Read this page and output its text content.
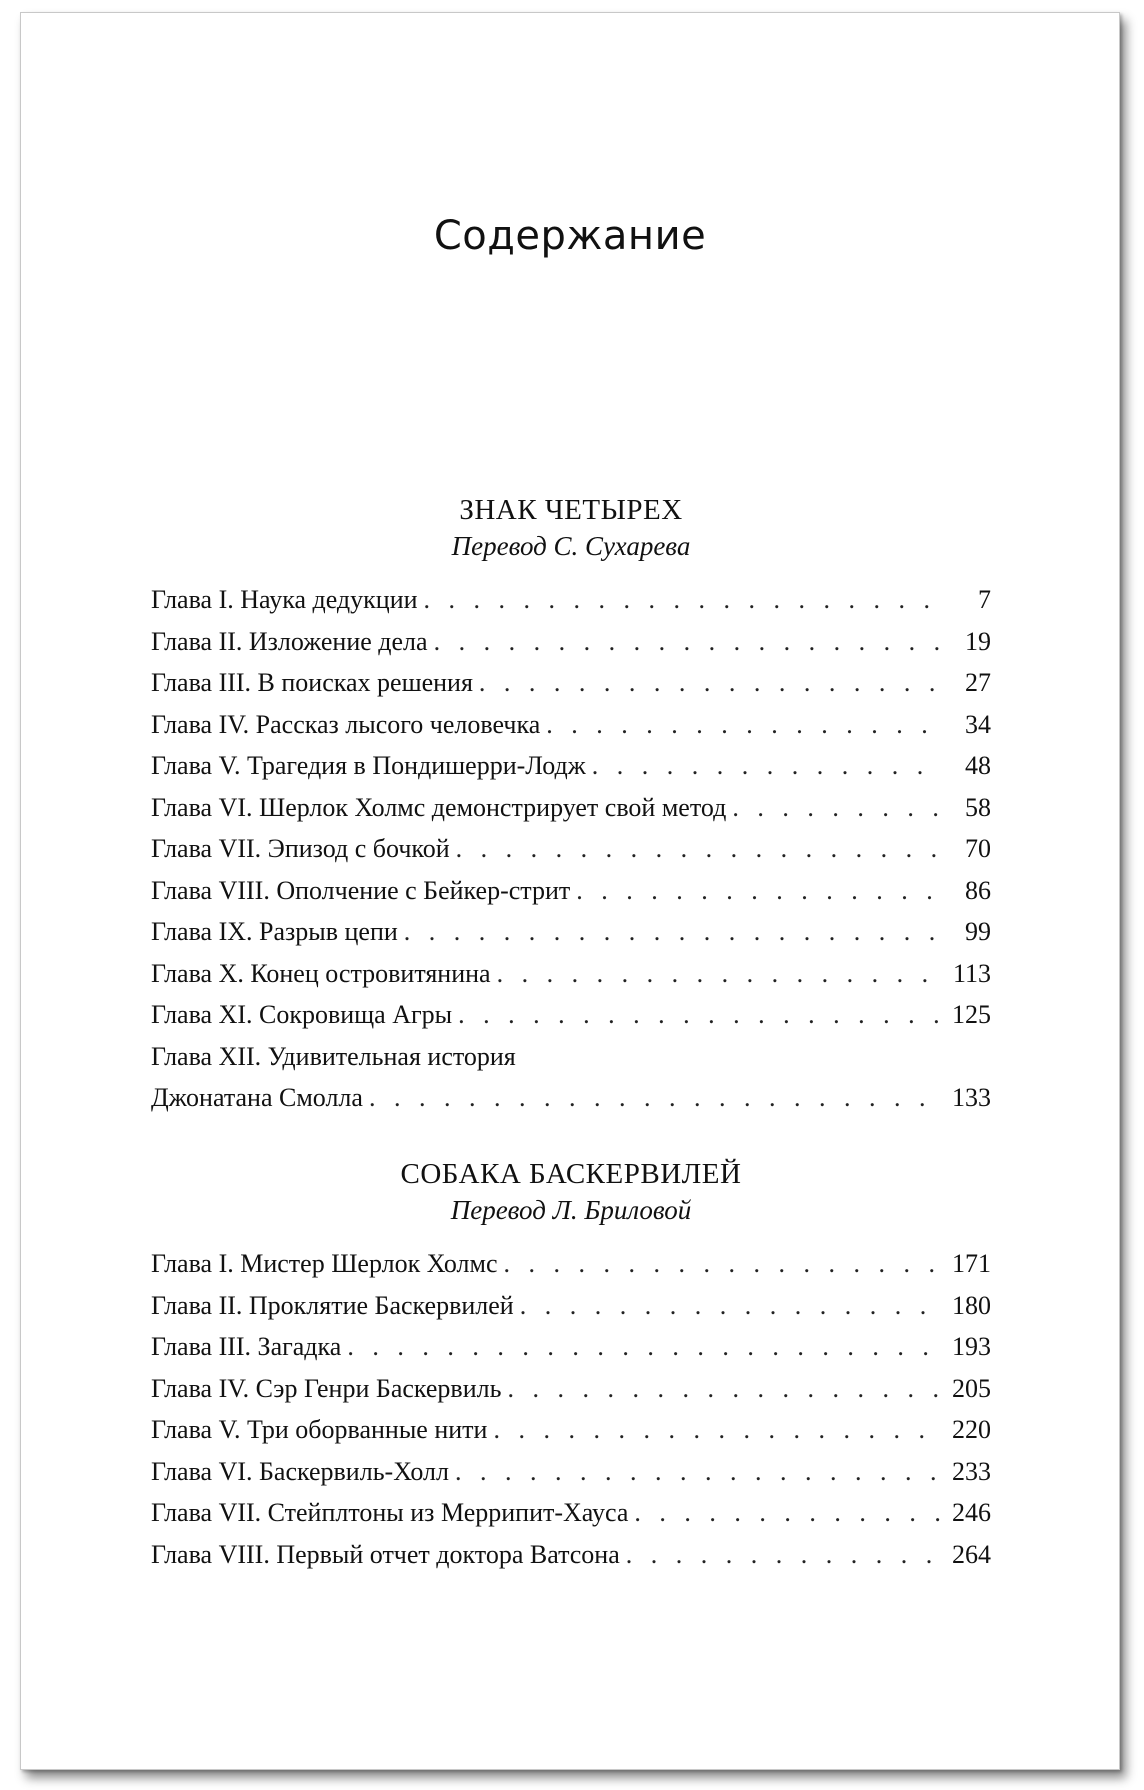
Содержание
ЗНАК ЧЕТЫРЕХ
Перевод С. Сухарева
Глава I. Наука дедукции . . .	7
Глава II. Изложение дела . . .	19
Глава III. В поисках решения . . .	27
Глава IV. Рассказ лысого человечка . . .	34
Глава V. Трагедия в Пондишерри-Лодж . . .	48
Глава VI. Шерлок Холмс демонстрирует свой метод . . .	58
Глава VII. Эпизод с бочкой . . .	70
Глава VIII. Ополчение с Бейкер-стрит . . .	86
Глава IX. Разрыв цепи . . .	99
Глава X. Конец островитянина . . .	113
Глава XI. Сокровища Агры . . .	125
Глава XII. Удивительная история
Джонатана Смолла . . .	133
СОБАКА БАСКЕРВИЛЕЙ
Перевод Л. Бриловой
Глава I. Мистер Шерлок Холмс . . .	171
Глава II. Проклятие Баскервилей . . .	180
Глава III. Загадка . . .	193
Глава IV. Сэр Генри Баскервиль . . .	205
Глава V. Три оборванные нити . . .	220
Глава VI. Баскервиль-Холл . . .	233
Глава VII. Стейплтоны из Меррипит-Хауса . . .	246
Глава VIII. Первый отчет доктора Ватсона . . .	264
